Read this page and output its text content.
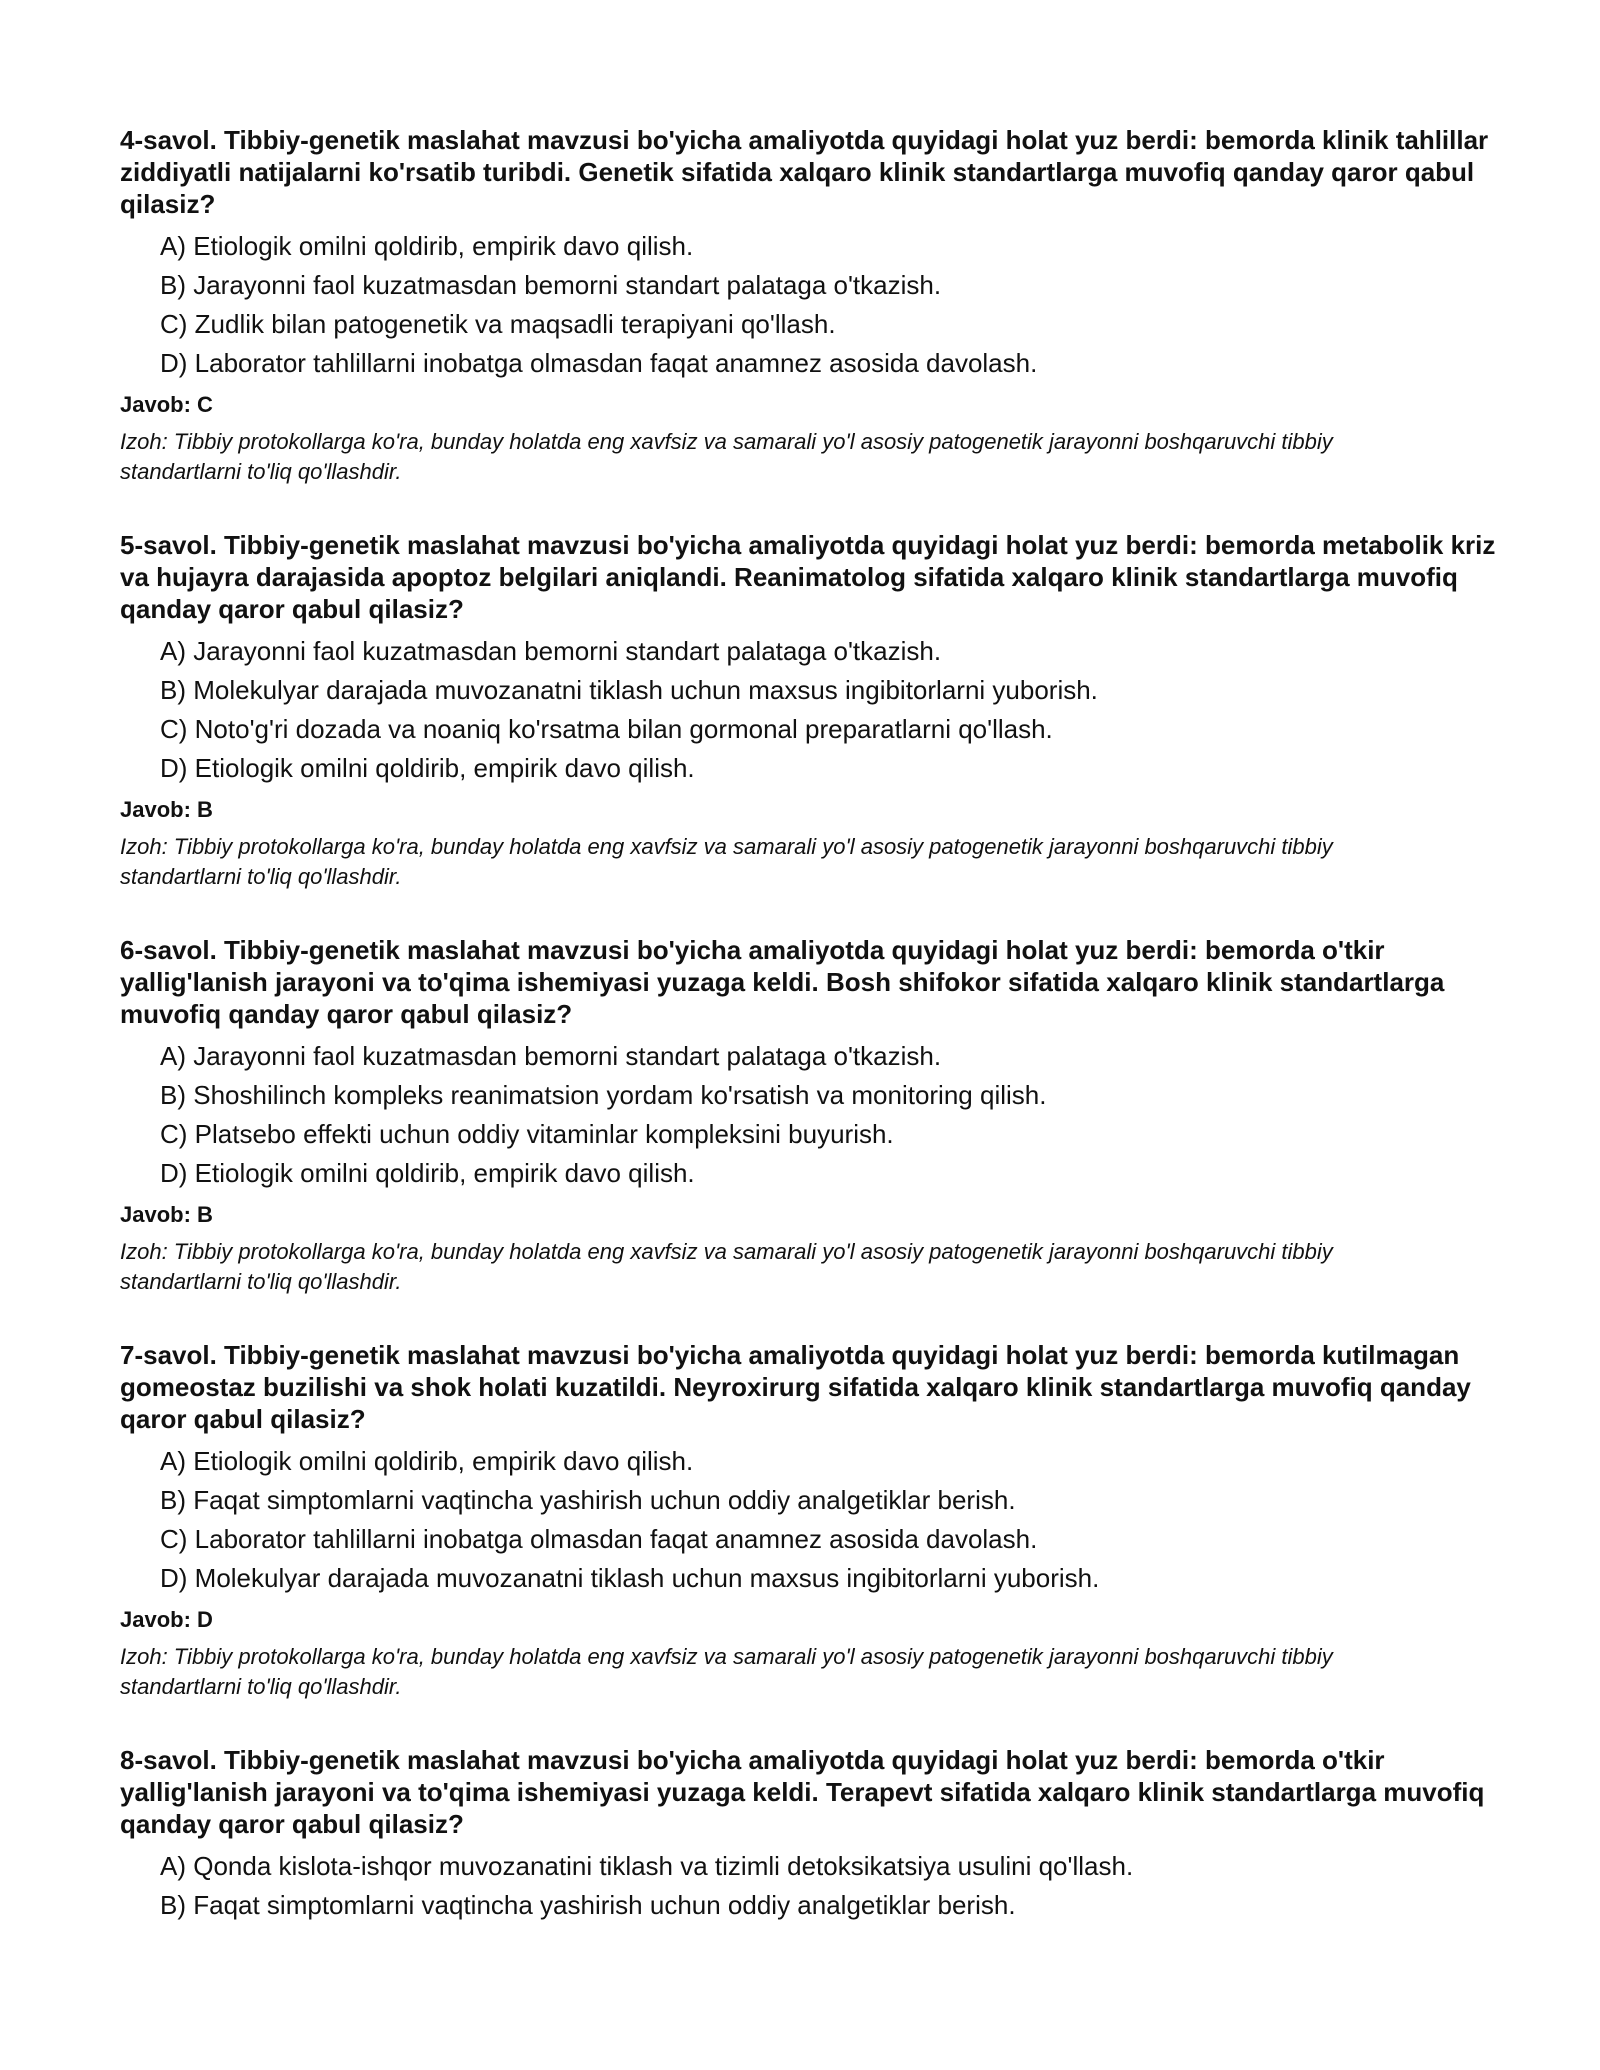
4-savol. Tibbiy-genetik maslahat mavzusi bo'yicha amaliyotda quyidagi holat yuz berdi: bemorda klinik tahlillar ziddiyatli natijalarni ko'rsatib turibdi. Genetik sifatida xalqaro klinik standartlarga muvofiq qanday qaror qabul qilasiz?
A) Etiologik omilni qoldirib, empirik davo qilish.
B) Jarayonni faol kuzatmasdan bemorni standart palataga o'tkazish.
C) Zudlik bilan patogenetik va maqsadli terapiyani qo'llash.
D) Laborator tahlillarni inobatga olmasdan faqat anamnez asosida davolash.
Javob: C
Izoh: Tibbiy protokollarga ko'ra, bunday holatda eng xavfsiz va samarali yo'l asosiy patogenetik jarayonni boshqaruvchi tibbiy standartlarni to'liq qo'llashdir.
5-savol. Tibbiy-genetik maslahat mavzusi bo'yicha amaliyotda quyidagi holat yuz berdi: bemorda metabolik kriz va hujayra darajasida apoptoz belgilari aniqlandi. Reanimatolog sifatida xalqaro klinik standartlarga muvofiq qanday qaror qabul qilasiz?
A) Jarayonni faol kuzatmasdan bemorni standart palataga o'tkazish.
B) Molekulyar darajada muvozanatni tiklash uchun maxsus ingibitorlarni yuborish.
C) Noto'g'ri dozada va noaniq ko'rsatma bilan gormonal preparatlarni qo'llash.
D) Etiologik omilni qoldirib, empirik davo qilish.
Javob: B
Izoh: Tibbiy protokollarga ko'ra, bunday holatda eng xavfsiz va samarali yo'l asosiy patogenetik jarayonni boshqaruvchi tibbiy standartlarni to'liq qo'llashdir.
6-savol. Tibbiy-genetik maslahat mavzusi bo'yicha amaliyotda quyidagi holat yuz berdi: bemorda o'tkir yallig'lanish jarayoni va to'qima ishemiyasi yuzaga keldi. Bosh shifokor sifatida xalqaro klinik standartlarga muvofiq qanday qaror qabul qilasiz?
A) Jarayonni faol kuzatmasdan bemorni standart palataga o'tkazish.
B) Shoshilinch kompleks reanimatsion yordam ko'rsatish va monitoring qilish.
C) Platsebo effekti uchun oddiy vitaminlar kompleksini buyurish.
D) Etiologik omilni qoldirib, empirik davo qilish.
Javob: B
Izoh: Tibbiy protokollarga ko'ra, bunday holatda eng xavfsiz va samarali yo'l asosiy patogenetik jarayonni boshqaruvchi tibbiy standartlarni to'liq qo'llashdir.
7-savol. Tibbiy-genetik maslahat mavzusi bo'yicha amaliyotda quyidagi holat yuz berdi: bemorda kutilmagan gomeostaz buzilishi va shok holati kuzatildi. Neyroxirurg sifatida xalqaro klinik standartlarga muvofiq qanday qaror qabul qilasiz?
A) Etiologik omilni qoldirib, empirik davo qilish.
B) Faqat simptomlarni vaqtincha yashirish uchun oddiy analgetiklar berish.
C) Laborator tahlillarni inobatga olmasdan faqat anamnez asosida davolash.
D) Molekulyar darajada muvozanatni tiklash uchun maxsus ingibitorlarni yuborish.
Javob: D
Izoh: Tibbiy protokollarga ko'ra, bunday holatda eng xavfsiz va samarali yo'l asosiy patogenetik jarayonni boshqaruvchi tibbiy standartlarni to'liq qo'llashdir.
8-savol. Tibbiy-genetik maslahat mavzusi bo'yicha amaliyotda quyidagi holat yuz berdi: bemorda o'tkir yallig'lanish jarayoni va to'qima ishemiyasi yuzaga keldi. Terapevt sifatida xalqaro klinik standartlarga muvofiq qanday qaror qabul qilasiz?
A) Qonda kislota-ishqor muvozanatini tiklash va tizimli detoksikatsiya usulini qo'llash.
B) Faqat simptomlarni vaqtincha yashirish uchun oddiy analgetiklar berish.
